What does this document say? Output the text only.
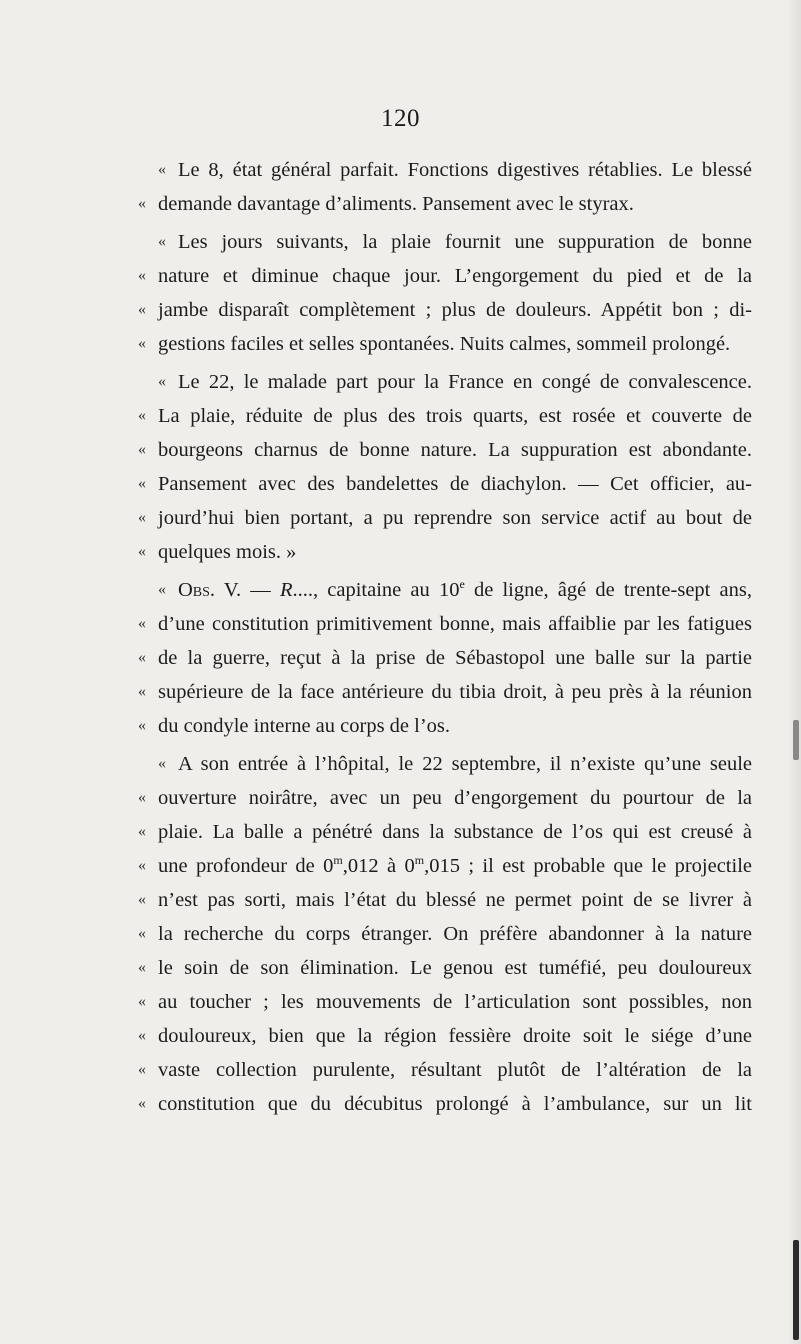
120
« Le 8, état général parfait. Fonctions digestives rétablies. Le blessé
« demande davantage d’aliments. Pansement avec le styrax.
« Les jours suivants, la plaie fournit une suppuration de bonne
« nature et diminue chaque jour. L’engorgement du pied et de la
« jambe disparaît complètement ; plus de douleurs. Appétit bon ; di-
« gestions faciles et selles spontanées. Nuits calmes, sommeil prolongé.
« Le 22, le malade part pour la France en congé de convalescence.
« La plaie, réduite de plus des trois quarts, est rosée et couverte de
« bourgeons charnus de bonne nature. La suppuration est abondante.
« Pansement avec des bandelettes de diachylon. — Cet officier, au-
« jourd’hui bien portant, a pu reprendre son service actif au bout de
« quelques mois. »
« Obs. V. — R...., capitaine au 10e de ligne, âgé de trente-sept ans,
« d’une constitution primitivement bonne, mais affaiblie par les fatigues
« de la guerre, reçut à la prise de Sébastopol une balle sur la partie
« supérieure de la face antérieure du tibia droit, à peu près à la réunion
« du condyle interne au corps de l’os.
« A son entrée à l’hôpital, le 22 septembre, il n’existe qu’une seule
« ouverture noirâtre, avec un peu d’engorgement du pourtour de la
« plaie. La balle a pénétré dans la substance de l’os qui est creusé à
« une profondeur de 0$^m$,012 à 0$^m$,015 ; il est probable que le projectile
« n’est pas sorti, mais l’état du blessé ne permet point de se livrer à
« la recherche du corps étranger. On préfère abandonner à la nature
« le soin de son élimination. Le genou est tuméfié, peu douloureux
« au toucher ; les mouvements de l’articulation sont possibles, non
« douloureux, bien que la région fessière droite soit le siége d’une
« vaste collection purulente, résultant plutôt de l’altération de la
« constitution que du décubitus prolongé à l’ambulance, sur un lit
